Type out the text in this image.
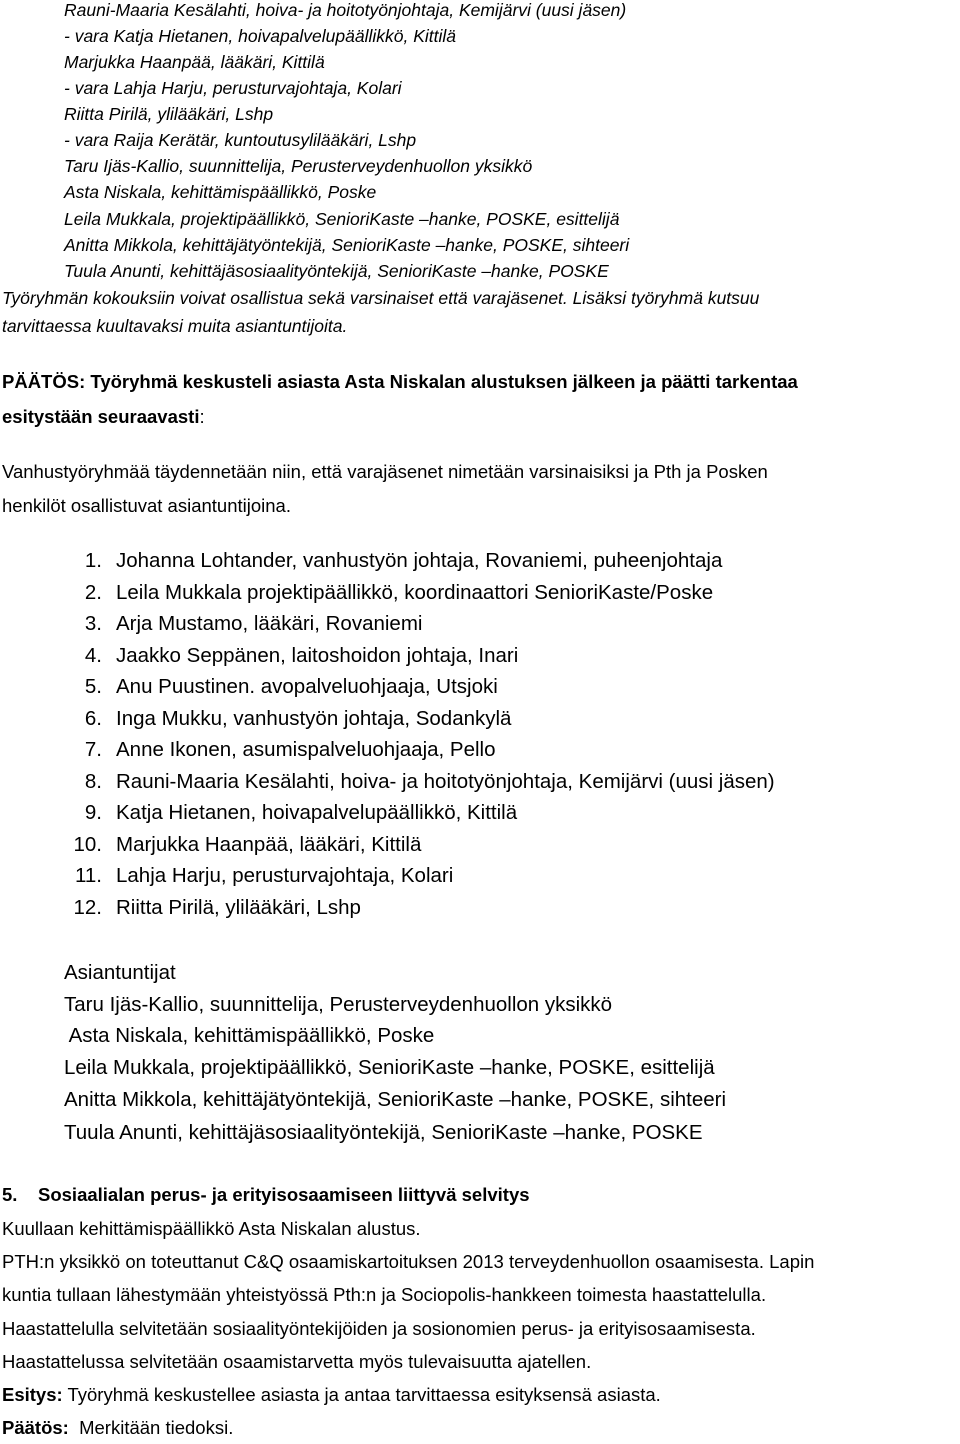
Rauni-Maaria Kesälahti, hoiva- ja hoitotyönjohtaja, Kemijärvi (uusi jäsen)
- vara Katja Hietanen, hoivapalvelupäällikkö, Kittilä
Marjukka Haanpää, lääkäri, Kittilä
- vara Lahja Harju, perusturvajohtaja, Kolari
Riitta Pirilä, ylilääkäri, Lshp
- vara Raija Kerätär, kuntoutusylilääkäri, Lshp
Taru Ijäs-Kallio, suunnittelija, Perusterveydenhuollon yksikkö
Asta Niskala, kehittämispäällikkö, Poske
Leila Mukkala, projektipäällikkö, SenioriKaste –hanke, POSKE, esittelijä
Anitta Mikkola, kehittäjätyöntekijä, SenioriKaste –hanke, POSKE, sihteeri
Tuula Anunti, kehittäjäsosiaalityöntekijä, SenioriKaste –hanke, POSKE
Työryhmän kokouksiin voivat osallistua sekä varsinaiset että varajäsenet. Lisäksi työryhmä kutsuu
tarvittaessa kuultavaksi muita asiantuntijoita.
PÄÄTÖS: Työryhmä keskusteli asiasta Asta Niskalan alustuksen jälkeen ja päätti tarkentaa
esitystään seuraavasti:
Vanhustyöryhmää täydennetään niin, että varajäsenet nimetään varsinaisiksi ja Pth ja Posken
henkilöt osallistuvat asiantuntijoina.
1. Johanna Lohtander, vanhustyön johtaja, Rovaniemi, puheenjohtaja
2. Leila Mukkala projektipäällikkö, koordinaattori SenioriKaste/Poske
3. Arja Mustamo, lääkäri, Rovaniemi
4. Jaakko Seppänen, laitoshoidon johtaja, Inari
5. Anu Puustinen. avopalveluohjaaja, Utsjoki
6. Inga Mukku, vanhustyön johtaja, Sodankylä
7. Anne Ikonen, asumispalveluohjaaja, Pello
8. Rauni-Maaria Kesälahti, hoiva- ja hoitotyönjohtaja, Kemijärvi (uusi jäsen)
9. Katja Hietanen, hoivapalvelupäällikkö, Kittilä
10. Marjukka Haanpää, lääkäri, Kittilä
11. Lahja Harju, perusturvajohtaja, Kolari
12. Riitta Pirilä, ylilääkäri, Lshp
Asiantuntijat
Taru Ijäs-Kallio, suunnittelija, Perusterveydenhuollon yksikkö
Asta Niskala, kehittämispäällikkö, Poske
Leila Mukkala, projektipäällikkö, SenioriKaste –hanke, POSKE, esittelijä
Anitta Mikkola, kehittäjätyöntekijä, SenioriKaste –hanke, POSKE, sihteeri
Tuula Anunti, kehittäjäsosiaalityöntekijä, SenioriKaste –hanke, POSKE
5. Sosiaalialan perus- ja erityisosaamiseen liittyvä selvitys
Kuullaan kehittämispäällikkö Asta Niskalan alustus.
PTH:n yksikkö on toteuttanut C&Q osaamiskartoituksen 2013 terveydenhuollon osaamisesta. Lapin
kuntia tullaan lähestymään yhteistyössä Pth:n ja Sociopolis-hankkeen toimesta haastattelulla.
Haastattelulla selvitetään sosiaalityöntekijöiden ja sosionomien perus- ja erityisosaamisesta.
Haastattelussa selvitetään osaamistarvetta myös tulevaisuutta ajatellen.
Esitys: Työryhmä keskustellee asiasta ja antaa tarvittaessa esityksensä asiasta.
Päätös:  Merkitään tiedoksi.
